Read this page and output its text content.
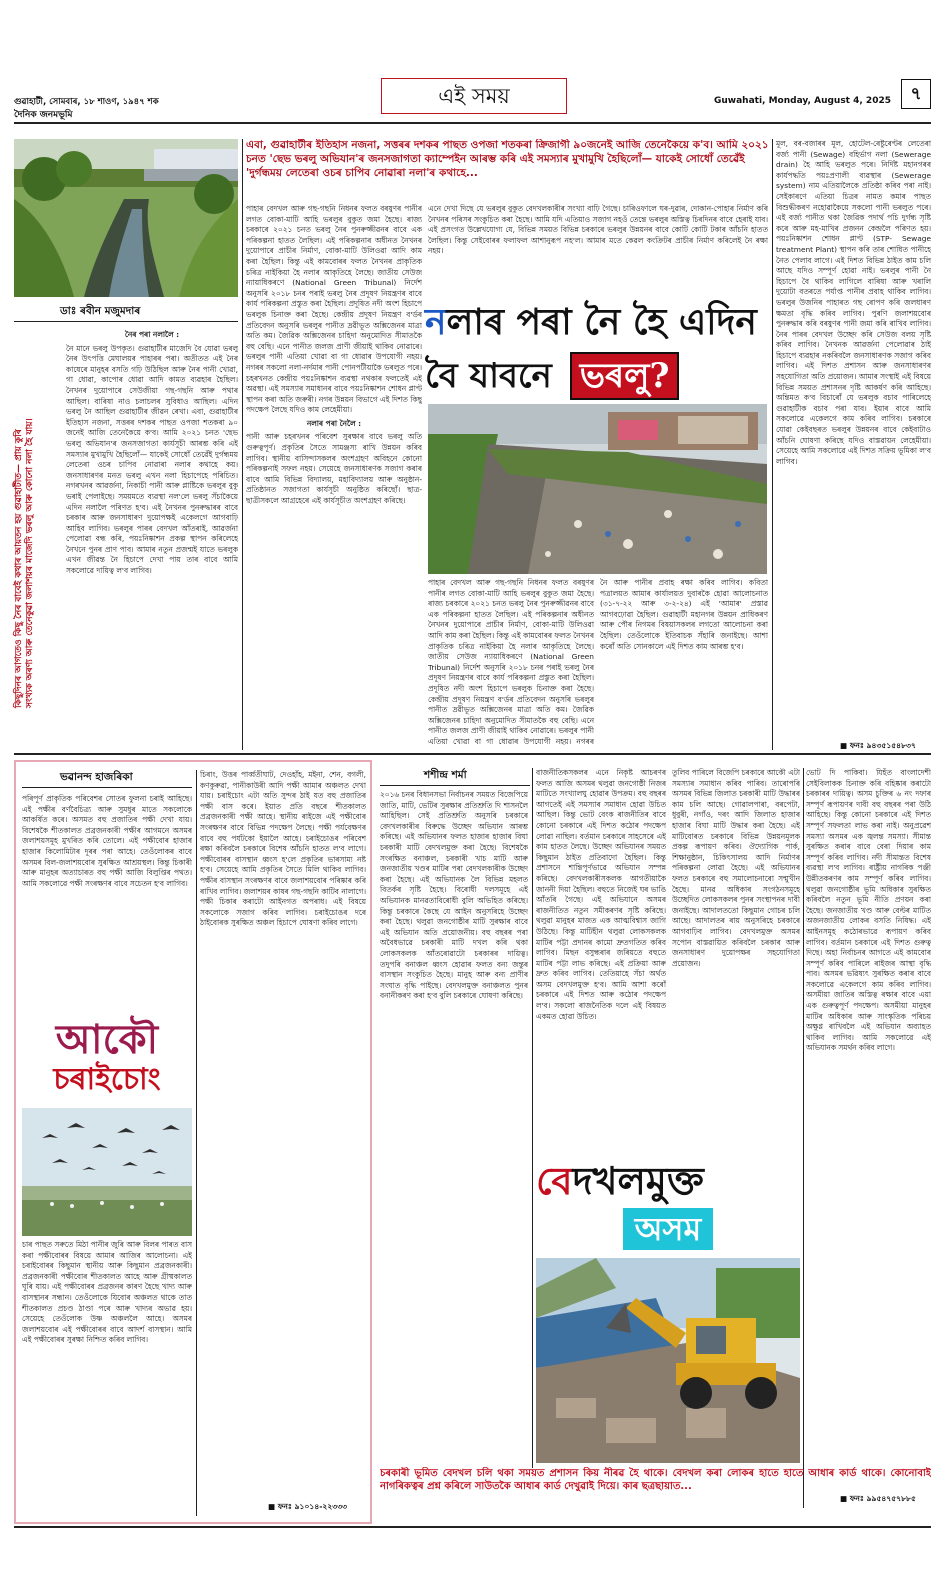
গুৱাহাটী, সোমবাৰ, ১৮ শাওণ, ১৯৪৭ শক
দৈনিক জনমভূমি
এই সময়	Guwahati, Monday, August 4, 2025	৭
এবা, গুৱাহাটীৰ ইতিহাস নজনা, সত্তৰৰ দশকৰ পাছত ওপজা শতকৰা ক্ৰিজাগী ৯০জনেই আজি তেনেকৈয়ে ক'ব। আমি ২০২১ চনত 'ছেভ ভৰলু অভিযান'ৰ জনসজাগতা ক্যাম্পেইন আৰম্ভ কৰি এই সমস্যাৰ মুখামুখি হৈছিলোঁ— যাকেই সোধোঁ তেৱেঁই 'দুৰ্গন্ধময় লেতেৰা ওচৰ চাপিব নোৱাৰা নলা'ৰ কথাহে...
ডাঃ ৰবীন মজুমদাৰ
কিছুদিনৰ আগতেও কিছু নৈৰ বাবেই কথাৰ আয়তন হয় গুৱাহাটীত— প্ৰায় কুৰি সংখ্যক অৰণ্য আৰু তেনেকুৱা জলাশয়ৰ মাজেদি ভৰলু আৰু কোনো নলা হৈ যায়।

নৈৰ পৰা নলালৈ :

নৈ মানে ভৰলু উপকৃত। গুৱাহাটীৰ মাজেদি বৈ যোৱা ভৰলু নৈৰ উৎপত্তি মেঘালয়ৰ পাহাৰৰ পৰা। অতীতত এই নৈৰ কাষেৰে মানুহৰ বসতি গঢ়ি উঠিছিল আৰু নৈৰ পানী খোৱা, গা ধোৱা, কাপোৰ ধোৱা আদি কামত ব্যৱহাৰ হৈছিল। নৈখনৰ দুয়োপাৰে সেউজীয়া গছ-গছনি আৰু পথাৰ আছিল। বাৰিষা নাও চলাচলৰ সুবিধাও আছিল। এদিন ভৰলু নৈ আছিল গুৱাহাটীৰ জীৱন ৰেখা। এবা, গুৱাহাটীৰ ইতিহাস নজনা, সত্তৰৰ দশকৰ পাছত ওপজা শতকৰা ৯০ জনেই আজি তেনেকৈয়ে ক'ব। আমি ২০২১ চনত 'ছেভ ভৰলু অভিযান'ৰ জনসজাগতা কাৰ্যসূচী আৰম্ভ কৰি এই সমস্যাৰ মুখামুখি হৈছিলোঁ— যাকেই সোধোঁ তেৱেঁই দুৰ্গন্ধময় লেতেৰা ওচৰ চাপিব নোৱাৰা নলাৰ কথাহে কয়। জনসাধাৰণৰ মনত ভৰলু এখন নলা হিচাপেহে পৰিচিত। নগৰখনৰ আৱৰ্জনা, নিকাচী পানী আৰু প্লাষ্টিকে ভৰলুৰ বুকু ভৰাই পেলাইছে। সময়মতে ব্যৱস্থা নল'লে ভৰলু সঁচাকৈয়ে এদিন নলালৈ পৰিণত হ'ব। এই নৈখনৰ পুনৰুদ্ধাৰৰ বাবে চৰকাৰ আৰু জনসাধাৰণ দুয়োপক্ষই একেলগে আগবাঢ়ি আহিব লাগিব। ভৰলুৰ পাৰৰ বেদখল আঁতৰাই, আৱৰ্জনা পেলোৱা বন্ধ কৰি, পয়ঃনিষ্কাশন প্ৰকল্প স্থাপন কৰিলেহে নৈখনে পুনৰ প্ৰাণ পাব। আমাৰ নতুন প্ৰজন্মই যাতে ভৰলুক এখন জীৱন্ত নৈ হিচাপে দেখা পায় তাৰ বাবে আমি সকলোৱে দায়িত্ব ল'ব লাগিব।

পাহাৰ বেদখল আৰু গছ-গছনি নিধনৰ ফলত বৰষুণৰ পানীৰ লগত বোকা-মাটি আহি ভৰলুৰ বুকুত জমা হৈছে। ৰাজ্য চৰকাৰে ২০২১ চনত ভৰলু নৈৰ পুনৰুজ্জীৱনৰ বাবে এক পৰিকল্পনা হাতত লৈছিল। এই পৰিকল্পনাৰ অধীনত নৈখনৰ দুয়োপাৰে প্ৰাচীৰ নিৰ্মাণ, বোকা-মাটি উলিওৱা আদি কাম কৰা হৈছিল। কিন্তু এই কামবোৰৰ ফলত নৈখনৰ প্ৰাকৃতিক চৰিত্ৰ নাইকিয়া হৈ নলাৰ আকৃতিহে লৈছে। জাতীয় সেউজ ন্যায়াধিকৰণে (National Green Tribunal) নিৰ্দেশ অনুসৰি ২০১৮ চনৰ পৰাই ভৰলু নৈৰ প্ৰদূষণ নিয়ন্ত্ৰণৰ বাবে কাৰ্য পৰিকল্পনা প্ৰস্তুত কৰা হৈছিল। প্ৰদূষিত নদী অংশ হিচাপে ভৰলুক চিনাক্ত কৰা হৈছে। কেন্দ্ৰীয় প্ৰদূষণ নিয়ন্ত্ৰণ ব'ৰ্ডৰ প্ৰতিবেদন অনুসৰি ভৰলুৰ পানীত দ্ৰৱীভূত অক্সিজেনৰ মাত্ৰা অতি কম। জৈৱিক অক্সিজেনৰ চাহিদা অনুমোদিত সীমাতকৈ বহু বেছি। এনে পানীত জলজ প্ৰাণী জীয়াই থাকিব নোৱাৰে। ভৰলুৰ পানী এতিয়া খোৱা বা গা ধোৱাৰ উপযোগী নহয়। নগৰৰ সকলো নলা-নৰ্দমাৰ পানী পোনপটীয়াকৈ ভৰলুত পৰে। চহৰখনত কেন্দ্ৰীয় পয়ঃনিষ্কাশন ব্যৱস্থা নথকাৰ ফলতেই এই অৱস্থা। এই সমস্যাৰ সমাধানৰ বাবে পয়ঃনিষ্কাশন শোধন প্লাণ্ট স্থাপন কৰা অতি জৰুৰী। নগৰ উন্নয়ন বিভাগে এই দিশত কিছু পদক্ষেপ লৈছে যদিও কাম লেহেমীয়া।

নলাৰ পৰা নৈলৈ :

পানী আৰু চহৰখনৰ পৰিবেশ সুৰক্ষাৰ বাবে ভৰলু অতি গুৰুত্বপূৰ্ণ। প্ৰকৃতিৰ সৈতে সামঞ্জস্য ৰাখি উন্নয়ন কৰিব লাগিব। স্থানীয় বাসিন্দাসকলৰ অংশগ্ৰহণ অবিহনে কোনো পৰিকল্পনাই সফল নহয়। সেয়েহে জনসাধাৰণক সজাগ কৰাৰ বাবে আমি বিভিন্ন বিদ্যালয়, মহাবিদ্যালয় আৰু অনুষ্ঠান-প্ৰতিষ্ঠানত সজাগতা কাৰ্যসূচী অনুষ্ঠিত কৰিছোঁ। ছাত্ৰ-ছাত্ৰীসকলে আগ্ৰহেৰে এই কাৰ্যসূচীত অংশগ্ৰহণ কৰিছে।

এনে দেখা দিছে যে ভৰলুৰ বুকুত বেদখলকাৰীৰ সংখ্যা বাঢ়ি গৈছে। চাৰিওফালে ঘৰ-দুৱাৰ, দোকান-পোহাৰ নিৰ্মাণ কৰি নৈখনৰ পৰিসৰ সংকুচিত কৰা হৈছে। আমি যদি এতিয়াও সজাগ নহওঁ তেন্তে ভৰলুৰ অস্তিত্ব চিৰদিনৰ বাবে হেৰাই যাব। এই প্ৰসংগত উল্লেখযোগ্য যে, বিভিন্ন সময়ত বিভিন্ন চৰকাৰে ভৰলুৰ উন্নয়নৰ বাবে কোটি কোটি টকাৰ আঁচনি হাতত লৈছিল। কিন্তু সেইবোৰৰ ফলাফল আশানুৰূপ নহ'ল। আমাৰ মতে কেৱল কংক্ৰিটৰ প্ৰাচীৰ নিৰ্মাণ কৰিলেই নৈ ৰক্ষা নহয়।

নলাৰ পৰা নৈ হৈ এদিন
বৈ যাবনে ভৰলু?

নৈ আৰু পানীৰ প্ৰবাহ ৰক্ষা কৰিব লাগিব। কবিতা পত্ৰালয়ত আমাৰ কাৰ্যালয়ত দুবাৰকৈ হোৱা আলোচনাত (৩১-৭-২২ আৰু ৩-২-২৪) এই 'আমাৰ' প্ৰস্তাৱ আগবঢ়োৱা হৈছিল। গুৱাহাটী মহানগৰ উন্নয়ন প্ৰাধিকৰণ আৰু পৌৰ নিগমৰ বিষয়াসকলৰ লগতো আলোচনা কৰা হৈছিল। তেওঁলোকে ইতিবাচক সঁহাৰি জনাইছে। আশা কৰোঁ অতি সোনকালে এই দিশত কাম আৰম্ভ হ'ব।

পাহাৰ বেদখল আৰু গছ-গছনি নিধনৰ ফলত বৰষুণৰ পানীৰ লগত বোকা-মাটি আহি ভৰলুৰ বুকুত জমা হৈছে। ৰাজ্য চৰকাৰে ২০২১ চনত ভৰলু নৈৰ পুনৰুজ্জীৱনৰ বাবে এক পৰিকল্পনা হাতত লৈছিল। এই পৰিকল্পনাৰ অধীনত নৈখনৰ দুয়োপাৰে প্ৰাচীৰ নিৰ্মাণ, বোকা-মাটি উলিওৱা আদি কাম কৰা হৈছিল। কিন্তু এই কামবোৰৰ ফলত নৈখনৰ প্ৰাকৃতিক চৰিত্ৰ নাইকিয়া হৈ নলাৰ আকৃতিহে লৈছে। জাতীয় সেউজ ন্যায়াধিকৰণে (National Green Tribunal) নিৰ্দেশ অনুসৰি ২০১৮ চনৰ পৰাই ভৰলু নৈৰ প্ৰদূষণ নিয়ন্ত্ৰণৰ বাবে কাৰ্য পৰিকল্পনা প্ৰস্তুত কৰা হৈছিল। প্ৰদূষিত নদী অংশ হিচাপে ভৰলুক চিনাক্ত কৰা হৈছে। কেন্দ্ৰীয় প্ৰদূষণ নিয়ন্ত্ৰণ ব'ৰ্ডৰ প্ৰতিবেদন অনুসৰি ভৰলুৰ পানীত দ্ৰৱীভূত অক্সিজেনৰ মাত্ৰা অতি কম। জৈৱিক অক্সিজেনৰ চাহিদা অনুমোদিত সীমাতকৈ বহু বেছি। এনে পানীত জলজ প্ৰাণী জীয়াই থাকিব নোৱাৰে। ভৰলুৰ পানী এতিয়া খোৱা বা গা ধোৱাৰ উপযোগী নহয়। নগৰৰ

মূল, বৰ-বজাৰৰ মূল, হোটেল-ৰেষ্টুৰেণ্টৰ লেতেৰা বৰ্জ্য পানী (Sewage) বহিৰ্ভাগ নলা (Sewerage drain) হৈ আহি ভৰলুত পৰে। নিৰ্দিষ্ট মহানগৰৰ কাৰ্যপদ্ধতি পয়ঃপ্ৰণালী ব্যৱস্থাৰ (Sewerage system) নাম এতিয়ালৈকে প্ৰতিষ্ঠা কৰিব পৰা নাই। সেইকাৰণে এতিয়া চিত্ৰৰ নামত কমাৰ পাছত বিশুদ্ধীকৰণ নহোৱাকৈয়ে সকলো পানী ভৰলুত পৰে। এই বৰ্জ্য পানীত থকা জৈৱিক পদাৰ্থ পচি দুৰ্গন্ধ সৃষ্টি কৰে আৰু মহ-মাখিৰ প্ৰজনন কেন্দ্ৰলৈ পৰিণত হয়। পয়ঃনিষ্কাশন শোধন প্লাণ্ট (STP- Sewage treatment Plant) স্থাপন কৰি তাৰ শোধিত পানীহে নৈত পেলাব লাগে। এই দিশত বিভিন্ন ঠাইত কাম চলি আছে যদিও সম্পূৰ্ণ হোৱা নাই। ভৰলুৰ পানী নৈ হিচাপে বৈ থাকিব লাগিলে বাৰিষা আৰু খৰালি দুয়োটা বতৰতে পৰ্যাপ্ত পানীৰ প্ৰবাহ থাকিব লাগিব। ভৰলুৰ উজনিৰ পাহাৰত গছ ৰোপণ কৰি জলধাৰণ ক্ষমতা বৃদ্ধি কৰিব লাগিব। পুৰণি জলাশয়বোৰ পুনৰুদ্ধাৰ কৰি বৰষুণৰ পানী জমা কৰি ৰাখিব লাগিব। নৈৰ পাৰৰ বেদখল উচ্ছেদ কৰি সেউজ বলয় সৃষ্টি কৰিব লাগিব। নৈখনক আৱৰ্জনা পেলোৱাৰ ঠাই হিচাপে ব্যৱহাৰ নকৰিবলৈ জনসাধাৰণক সজাগ কৰিব লাগিব। এই দিশত প্ৰশাসন আৰু জনসাধাৰণৰ সহযোগিতা অতি প্ৰয়োজন। আমাৰ সংস্থাই এই বিষয়ে বিভিন্ন সময়ত প্ৰশাসনৰ দৃষ্টি আকৰ্ষণ কৰি আহিছে। অন্তিমত ক'ব বিচাৰোঁ যে ভৰলুক বচাব পাৰিলেহে গুৱাহাটীক বচাব পৰা যাব। ইয়াৰ বাবে আমি সকলোৱে একেলগে কাম কৰিব লাগিব। চৰকাৰে যোৱা কেইবছৰত ভৰলুৰ উন্নয়নৰ বাবে কেইবাটাও আঁচনি ঘোষণা কৰিছে যদিও বাস্তৱায়ন লেহেমীয়া। সেয়েহে আমি সকলোৱে এই দিশত সক্ৰিয় ভূমিকা ল'ব লাগিব।

■ ফনঃ ৯৪৩৫১৫৪৮৩৭
ভৱানন্দ হাজৰিকা

পৰিপূৰ্ণ প্ৰাকৃতিক পৰিবেশৰ সোতৰ ফুলনা চৰাই আহিছে। এই পক্ষীৰ বৰ্ণবৈচিত্ৰ্য আৰু সুমধুৰ মাতে সকলোকে আকৰ্ষিত কৰে। অসমত বহু প্ৰজাতিৰ পক্ষী দেখা যায়। বিশেষকৈ শীতকালত প্ৰব্ৰজনকাৰী পক্ষীৰ আগমনে অসমৰ জলাশয়সমূহ মুখৰিত কৰি তোলে। এই পক্ষীবোৰ হাজাৰ হাজাৰ কিলোমিটাৰ দূৰৰ পৰা আহে। তেওঁলোকৰ বাবে অসমৰ বিল-জলাশয়বোৰ সুৰক্ষিত আশ্ৰয়স্থল। কিন্তু চিকাৰী আৰু মানুহৰ অত্যাচাৰত বহু পক্ষী আজি বিলুপ্তিৰ পথত। আমি সকলোৱে পক্ষী সংৰক্ষণৰ বাবে সচেতন হ'ব লাগিব।

আকৌ
চৰাইচোং

চাৰ পাছত সৰুতে মিঠা পানীৰ জুৰি আৰু বিলৰ পাৰত বাস কৰা পক্ষীবোৰৰ বিষয়ে আমাৰ আজিৰ আলোচনা। এই চৰাইবোৰৰ কিছুমান স্থানীয় আৰু কিছুমান প্ৰব্ৰজনকাৰী। প্ৰব্ৰজনকাৰী পক্ষীবোৰ শীতকালত আহে আৰু গ্ৰীষ্মকালত ঘূৰি যায়। এই পক্ষীবোৰৰ প্ৰব্ৰজনৰ কাৰণ হৈছে খাদ্য আৰু বাসস্থানৰ সন্ধান। তেওঁলোকে যিবোৰ অঞ্চলত থাকে তাত শীতকালত প্ৰচণ্ড ঠাণ্ডা পৰে আৰু খাদ্যৰ অভাৱ হয়। সেয়েহে তেওঁলোক উষ্ণ অঞ্চললৈ আহে। অসমৰ জলাশয়বোৰ এই পক্ষীবোৰৰ বাবে আদৰ্শ বাসস্থান। আমি এই পক্ষীবোৰৰ সুৰক্ষা নিশ্চিত কৰিব লাগিব।

চিৰাং, উত্তৰ পাৰ্ব্বতীঘাট, দেওহাঁহ, মইনা, শেন, বগলী, কণকুৰুৱা, পানীকাউৰী আদি পক্ষী আমাৰ অঞ্চলত দেখা যায়। চৰাইচোং এটা অতি সুন্দৰ ঠাই যত বহু প্ৰজাতিৰ পক্ষী বাস কৰে। ইয়াত প্ৰতি বছৰে শীতকালত প্ৰব্ৰজনকাৰী পক্ষী আহে। স্থানীয় ৰাইজে এই পক্ষীবোৰ সংৰক্ষণৰ বাবে বিভিন্ন পদক্ষেপ লৈছে। পক্ষী পৰ্যবেক্ষণৰ বাবে বহু পৰ্যটকো ইয়ালৈ আহে। চৰাইচোঙৰ পৰিবেশ ৰক্ষা কৰিবলৈ চৰকাৰে বিশেষ আঁচনি হাতত ল'ব লাগে। পক্ষীবোৰৰ বাসস্থান ধ্বংস হ'লে প্ৰকৃতিৰ ভাৰসাম্য নষ্ট হ'ব। সেয়েহে আমি প্ৰকৃতিৰ সৈতে মিলি থাকিব লাগিব। পক্ষীৰ বাসস্থান সংৰক্ষণৰ বাবে জলাশয়বোৰ পৰিষ্কাৰ কৰি ৰাখিব লাগিব। জলাশয়ৰ কাষৰ গছ-গছনি কাটিব নালাগে। পক্ষী চিকাৰ কৰাটো আইনগত অপৰাধ। এই বিষয়ে সকলোকে সজাগ কৰিব লাগিব। চৰাইচোঙৰ দৰে ঠাইবোৰক সুৰক্ষিত অঞ্চল হিচাপে ঘোষণা কৰিব লাগে।

■ ফনঃ ৯১০১৪-২২৩৩৩
শশীন্দ্ৰ শৰ্মা

২০১৬ চনৰ বিধানসভা নিৰ্বাচনৰ সময়ত বিজেপিয়ে জাতি, মাটি, ভেটিৰ সুৰক্ষাৰ প্ৰতিশ্ৰুতি দি শাসনলৈ আহিছিল। সেই প্ৰতিশ্ৰুতি অনুসৰি চৰকাৰে বেদখলকাৰীৰ বিৰুদ্ধে উচ্ছেদ অভিযান আৰম্ভ কৰিছে। এই অভিযানৰ ফলত হাজাৰ হাজাৰ বিঘা চৰকাৰী মাটি বেদখলমুক্ত কৰা হৈছে। বিশেষকৈ সংৰক্ষিত বনাঞ্চল, চৰকাৰী খাচ মাটি আৰু জনজাতীয় খণ্ডৰ মাটিৰ পৰা বেদখলকাৰীক উচ্ছেদ কৰা হৈছে। এই অভিযানক লৈ বিভিন্ন মহলত বিতৰ্কৰ সৃষ্টি হৈছে। বিৰোধী দলসমূহে এই অভিযানক মানৱতাবিৰোধী বুলি অভিহিত কৰিছে। কিন্তু চৰকাৰে কৈছে যে আইন অনুসৰিহে উচ্ছেদ কৰা হৈছে। থলুৱা জনগোষ্ঠীৰ মাটি সুৰক্ষাৰ বাবে এই অভিযান অতি প্ৰয়োজনীয়। বহু বছৰৰ পৰা অবৈধভাৱে চৰকাৰী মাটি দখল কৰি থকা লোকসকলক আঁতৰোৱাটো চৰকাৰৰ দায়িত্ব। তদুপৰি বনাঞ্চল ধ্বংস হোৱাৰ ফলত বন্য জন্তুৰ বাসস্থান সংকুচিত হৈছে। মানুহ আৰু বন্য প্ৰাণীৰ সংঘাত বৃদ্ধি পাইছে। বেদখলমুক্ত বনাঞ্চলত পুনৰ বনানীকৰণ কৰা হ'ব বুলি চৰকাৰে ঘোষণা কৰিছে।

বাজনীতিকসকলৰ এনে নিকৃষ্ট আচৰণৰ ফলত আজি অসমৰ থলুৱা জনগোষ্ঠী নিজৰ মাটিতে সংখ্যালঘু হোৱাৰ উপক্ৰম। বহু বছৰৰ আগতেই এই সমস্যাৰ সমাধান হোৱা উচিত আছিল। কিন্তু ভোট বেংক ৰাজনীতিৰ বাবে কোনো চৰকাৰে এই দিশত কঠোৰ পদক্ষেপ লোৱা নাছিল। বৰ্তমান চৰকাৰে সাহসেৰে এই কাম হাতত লৈছে। উচ্ছেদ অভিযানৰ সময়ত কিছুমান ঠাইত প্ৰতিবাদো হৈছিল। কিন্তু প্ৰশাসনে শান্তিপূৰ্ণভাৱে অভিযান সম্পন্ন কৰিছে। বেদখলকাৰীসকলক আগতীয়াকৈ জাননী দিয়া হৈছিল। বহুতে নিজেই ঘৰ ভাঙি আঁতৰি গৈছে। এই অভিযানে অসমৰ ৰাজনীতিত নতুন সমীকৰণৰ সৃষ্টি কৰিছে। থলুৱা মানুহৰ মাজত এক আত্মবিশ্বাস জাগি উঠিছে। কিন্তু মাটিহীন থলুৱা লোকসকলক মাটিৰ পট্টা প্ৰদানৰ কামো দ্ৰুতগতিত কৰিব লাগিব। মিছন বসুন্ধৰাৰ জৰিয়তে বহুতে মাটিৰ পট্টা লাভ কৰিছে। এই প্ৰক্ৰিয়া আৰু দ্ৰুত কৰিব লাগিব। তেতিয়াহে সঁচা অৰ্থত অসম বেদখলমুক্ত হ'ব। আমি আশা কৰোঁ চৰকাৰে এই দিশত আৰু কঠোৰ পদক্ষেপ ল'ব। সকলো ৰাজনৈতিক দলে এই বিষয়ত একমত হোৱা উচিত।

তুলিব পাৰিলে বিজেপি চৰকাৰে আকৌ এটা সমস্যাৰ সমাধান কৰিব পাৰিব। তাৰোপৰি অসমৰ বিভিন্ন জিলাত চৰকাৰী মাটি উদ্ধাৰৰ কাম চলি আছে। গোৱালপাৰা, বৰপেটা, ধুবুৰী, নগাঁও, দৰং আদি জিলাত হাজাৰ হাজাৰ বিঘা মাটি উদ্ধাৰ কৰা হৈছে। এই মাটিবোৰত চৰকাৰে বিভিন্ন উন্নয়নমূলক প্ৰকল্প ৰূপায়ণ কৰিব। ঔদ্যোগিক পাৰ্ক, শিক্ষানুষ্ঠান, চিকিৎসালয় আদি নিৰ্মাণৰ পৰিকল্পনা লোৱা হৈছে। এই অভিযানৰ ফলত চৰকাৰে বহু সমালোচনাৰো সন্মুখীন হৈছে। মানৱ অধিকাৰ সংগঠনসমূহে উচ্ছেদিত লোকসকলৰ পুনৰ সংস্থাপনৰ দাবী জনাইছে। আদালততো কিছুমান গোচৰ চলি আছে। আদালতৰ ৰায় অনুসৰিহে চৰকাৰে আগবাঢ়িব লাগিব। বেদখলমুক্ত অসমৰ সপোন বাস্তৱায়িত কৰিবলৈ চৰকাৰ আৰু জনসাধাৰণ দুয়োপক্ষৰ সহযোগিতা প্ৰয়োজন।

ভোট দি পাকিবা। যিহঁত বাংলাদেশী সেইবিলাকক চিনাক্ত কৰি বহিষ্কাৰ কৰাটো চৰকাৰৰ দায়িত্ব। অসম চুক্তিৰ ৬ নং দফাৰ সম্পূৰ্ণ ৰূপায়ণৰ দাবী বহু বছৰৰ পৰা উঠি আহিছে। কিন্তু কোনো চৰকাৰে এই দিশত সম্পূৰ্ণ সফলতা লাভ কৰা নাই। অনুপ্ৰৱেশ সমস্যা অসমৰ এক জ্বলন্ত সমস্যা। সীমান্ত সুৰক্ষিত কৰাৰ বাবে বেৰা দিয়াৰ কাম সম্পূৰ্ণ কৰিব লাগিব। নদী সীমান্তত বিশেষ ব্যৱস্থা ল'ব লাগিব। ৰাষ্ট্ৰীয় নাগৰিক পঞ্জী উন্নীতকৰণৰ কাম সম্পূৰ্ণ কৰিব লাগিব। থলুৱা জনগোষ্ঠীৰ ভূমি অধিকাৰ সুৰক্ষিত কৰিবলৈ নতুন ভূমি নীতি প্ৰণয়ন কৰা হৈছে। জনজাতীয় খণ্ড আৰু বেল্টৰ মাটিত অজনজাতীয় লোকৰ বসতি নিষিদ্ধ। এই আইনসমূহ কঠোৰভাৱে ৰূপায়ণ কৰিব লাগিব। বৰ্তমান চৰকাৰে এই দিশত গুৰুত্ব দিছে। অহা নিৰ্বাচনৰ আগতে এই কামবোৰ সম্পূৰ্ণ কৰিব পাৰিলে ৰাইজৰ আস্থা বৃদ্ধি পাব। অসমৰ ভৱিষ্যৎ সুৰক্ষিত কৰাৰ বাবে সকলোৱে একেলগে কাম কৰিব লাগিব। অসমীয়া জাতিৰ অস্তিত্ব ৰক্ষাৰ বাবে এয়া এক গুৰুত্বপূৰ্ণ পদক্ষেপ। অসমীয়া মানুহৰ মাটিৰ অধিকাৰ আৰু সাংস্কৃতিক পৰিচয় অক্ষুণ্ণ ৰাখিবলৈ এই অভিযান অব্যাহত থাকিব লাগিব। আমি সকলোৱে এই অভিযানক সমৰ্থন কৰিব লাগে।

■ ফনঃ ৯৯৫৪৭৫৭৮৮৫
বেদখলমুক্ত
অসম
চৰকাৰী ভূমিত বেদখল চলি থকা সময়ত প্ৰশাসন কিয় নীৰৱ হৈ থাকে। বেদখল কৰা লোকৰ হাতে হাতে আধাৰ কাৰ্ড থাকে। কোনোবাই নাগৰিকত্বৰ প্ৰশ্ন কৰিলে সাউতকৈ আধাৰ কাৰ্ড দেখুৱাই দিয়ে। কাৰ ছত্ৰছায়াত...
